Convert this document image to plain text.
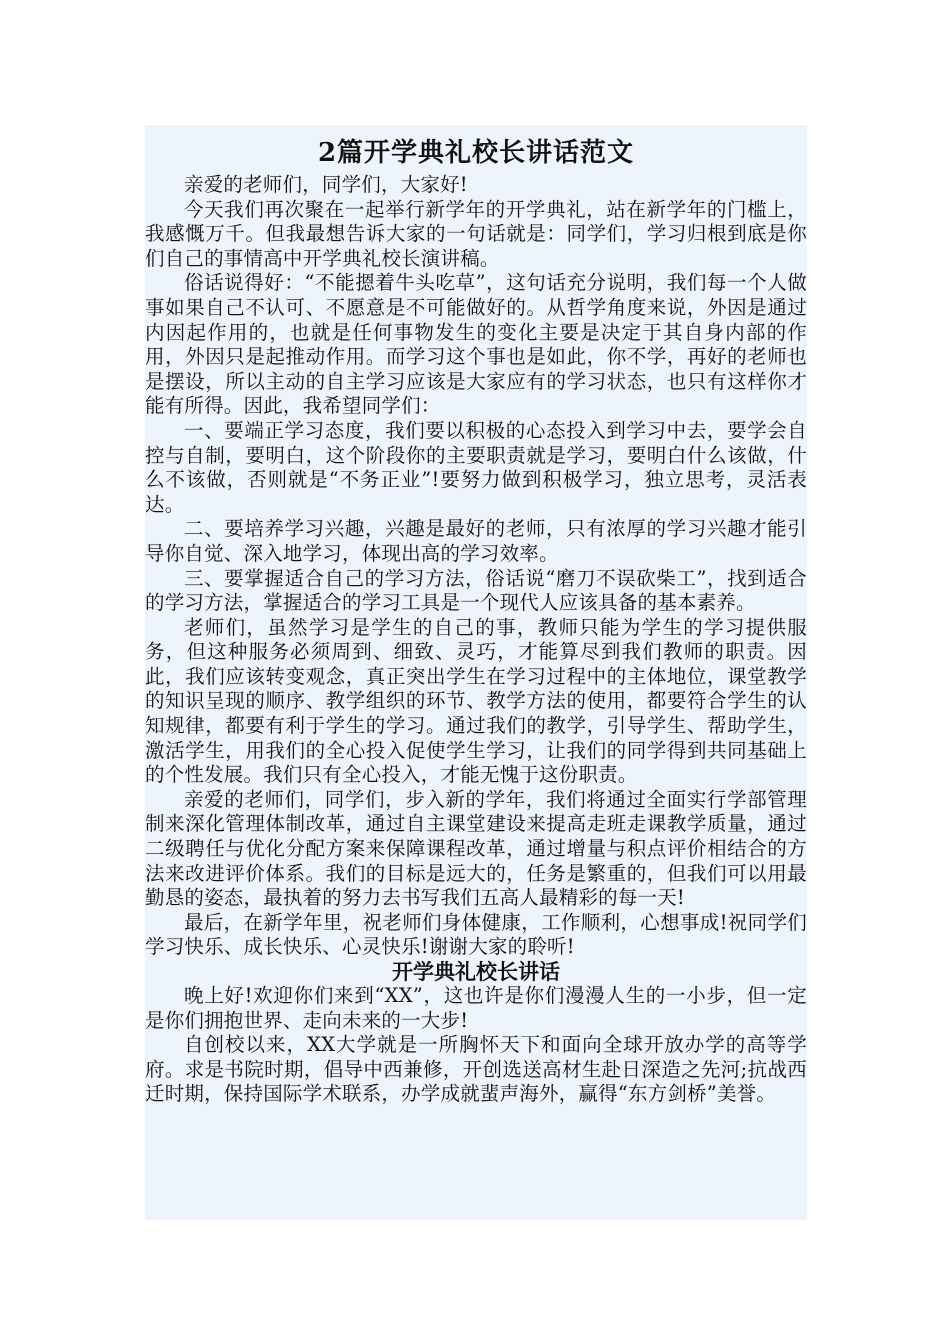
2篇开学典礼校长讲话范文

亲爱的老师们，同学们，大家好!

今天我们再次聚在一起举行新学年的开学典礼，站在新学年的门槛上，我感慨万千。但我最想告诉大家的一句话就是：同学们，学习归根到底是你们自己的事情高中开学典礼校长演讲稿。

俗话说得好：“不能摁着牛头吃草”，这句话充分说明，我们每一个人做事如果自己不认可、不愿意是不可能做好的。从哲学角度来说，外因是通过内因起作用的，也就是任何事物发生的变化主要是决定于其自身内部的作用，外因只是起推动作用。而学习这个事也是如此，你不学，再好的老师也是摆设，所以主动的自主学习应该是大家应有的学习状态，也只有这样你才能有所得。因此，我希望同学们：

一、要端正学习态度，我们要以积极的心态投入到学习中去，要学会自控与自制，要明白，这个阶段你的主要职责就是学习，要明白什么该做，什么不该做，否则就是“不务正业”!要努力做到积极学习，独立思考，灵活表达。

二、要培养学习兴趣，兴趣是最好的老师，只有浓厚的学习兴趣才能引导你自觉、深入地学习，体现出高的学习效率。

三、要掌握适合自己的学习方法，俗话说“磨刀不误砍柴工”，找到适合的学习方法，掌握适合的学习工具是一个现代人应该具备的基本素养。

老师们，虽然学习是学生的自己的事，教师只能为学生的学习提供服务，但这种服务必须周到、细致、灵巧，才能算尽到我们教师的职责。因此，我们应该转变观念，真正突出学生在学习过程中的主体地位，课堂教学的知识呈现的顺序、教学组织的环节、教学方法的使用，都要符合学生的认知规律，都要有利于学生的学习。通过我们的教学，引导学生、帮助学生，激活学生，用我们的全心投入促使学生学习，让我们的同学得到共同基础上的个性发展。我们只有全心投入，才能无愧于这份职责。

亲爱的老师们，同学们，步入新的学年，我们将通过全面实行学部管理制来深化管理体制改革，通过自主课堂建设来提高走班走课教学质量，通过二级聘任与优化分配方案来保障课程改革，通过增量与积点评价相结合的方法来改进评价体系。我们的目标是远大的，任务是繁重的，但我们可以用最勤恳的姿态，最执着的努力去书写我们五高人最精彩的每一天!

最后，在新学年里，祝老师们身体健康，工作顺利，心想事成!祝同学们学习快乐、成长快乐、心灵快乐!谢谢大家的聆听!

开学典礼校长讲话

晚上好!欢迎你们来到“XX”，这也许是你们漫漫人生的一小步，但一定是你们拥抱世界、走向未来的一大步!

自创校以来，XX大学就是一所胸怀天下和面向全球开放办学的高等学府。求是书院时期，倡导中西兼修，开创选送高材生赴日深造之先河;抗战西迁时期，保持国际学术联系，办学成就蜚声海外，赢得“东方剑桥”美誉。
